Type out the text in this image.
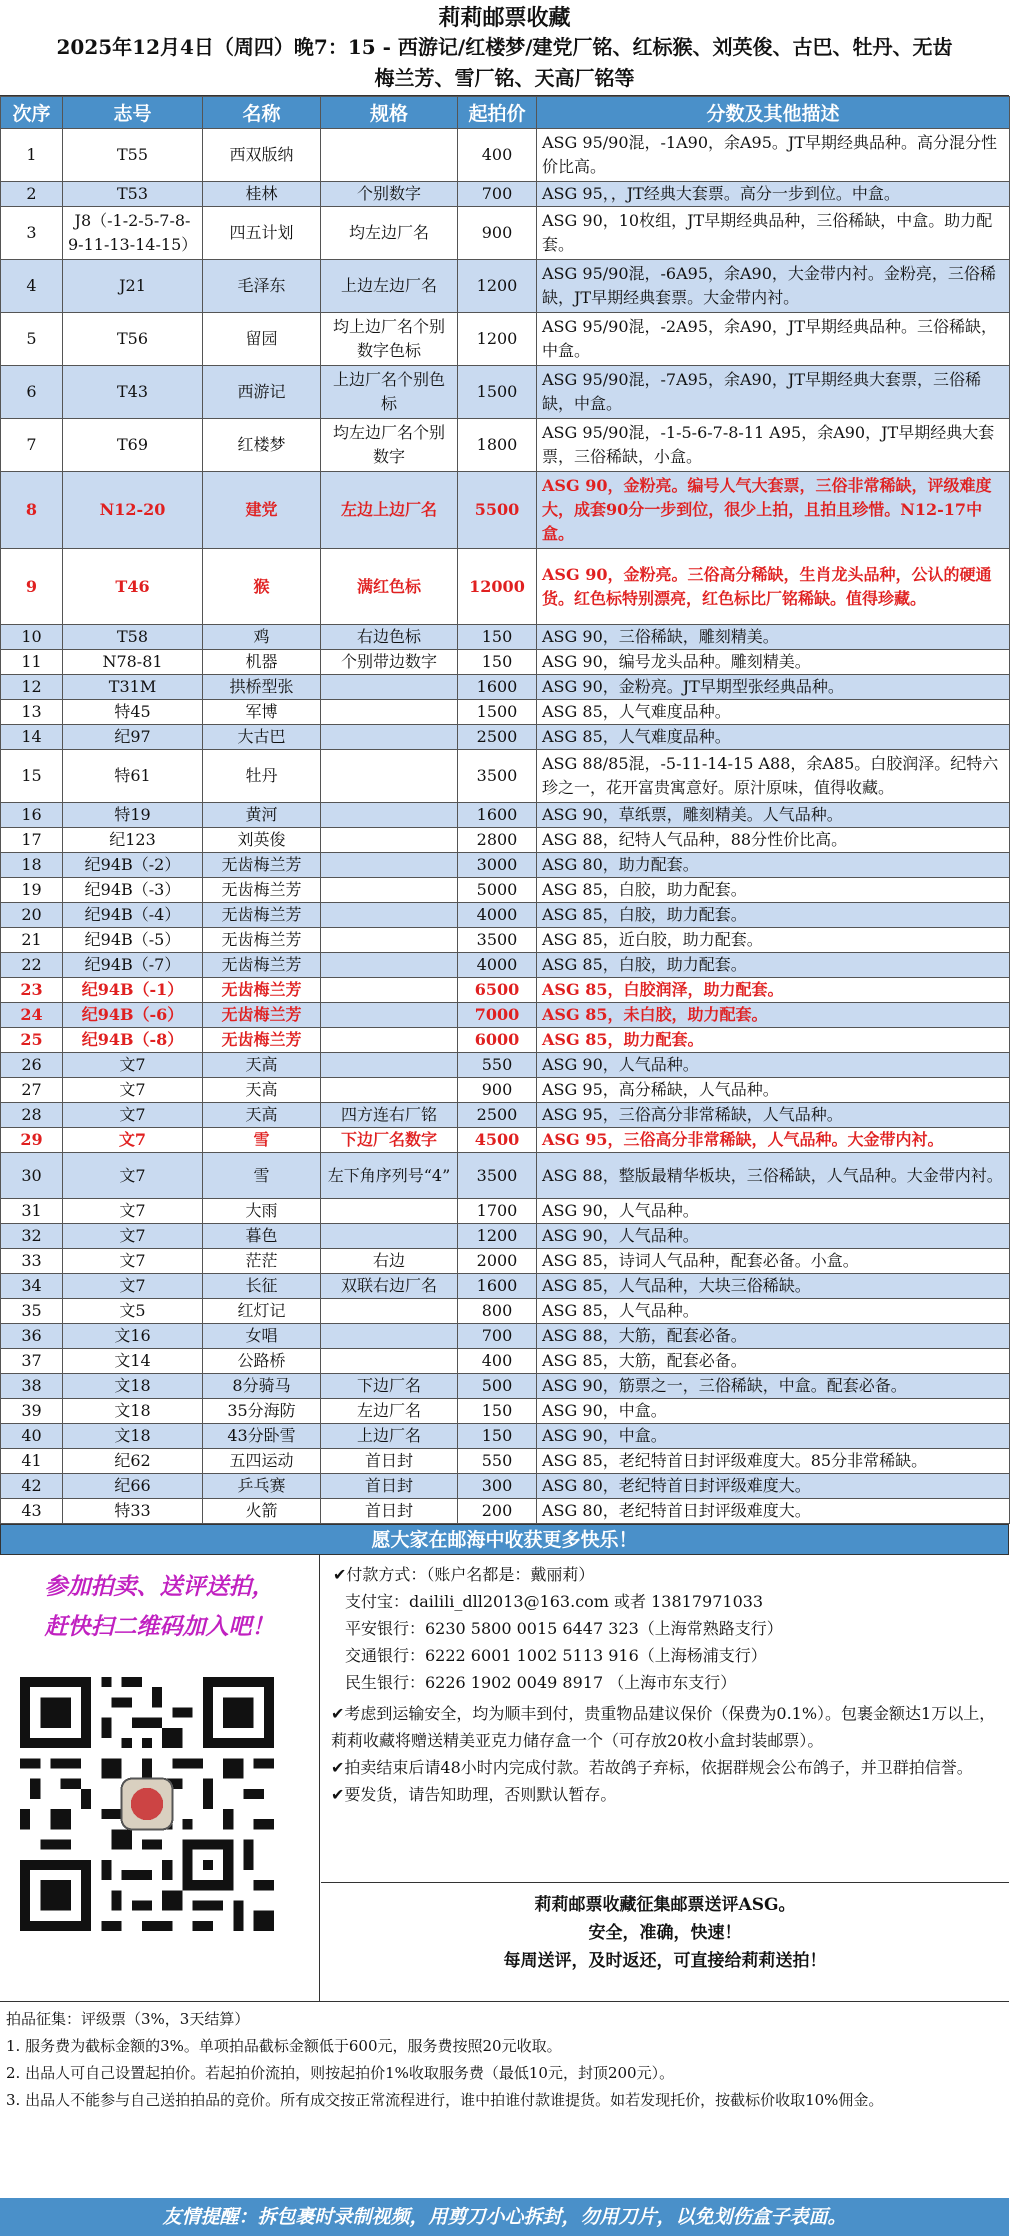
莉莉邮票收藏
2025年12月4日（周四）晚7：15 - 西游记/红楼梦/建党厂铭、红标猴、刘英俊、古巴、牡丹、无齿
梅兰芳、雪厂铭、天高厂铭等
次序	志号	名称	规格	起拍价	分数及其他描述
1	T55	西双版纳		400	ASG 95/90混，-1A90，余A95。JT早期经典品种。高分混分性价比高。
2	T53	桂林	个别数字	700	ASG 95，，JT经典大套票。高分一步到位。中盒。
3	J8（-1-2-5-7-8-9-11-13-14-15）	四五计划	均左边厂名	900	ASG 90，10枚组，JT早期经典品种，三俗稀缺，中盒。助力配套。
4	J21	毛泽东	上边左边厂名	1200	ASG 95/90混，-6A95，余A90，大金带内衬。金粉亮，三俗稀缺，JT早期经典套票。大金带内衬。
5	T56	留园	均上边厂名个别数字色标	1200	ASG 95/90混，-2A95，余A90，JT早期经典品种。三俗稀缺，中盒。
6	T43	西游记	上边厂名个别色标	1500	ASG 95/90混，-7A95，余A90，JT早期经典大套票，三俗稀缺，中盒。
7	T69	红楼梦	均左边厂名个别数字	1800	ASG 95/90混，-1-5-6-7-8-11 A95，余A90，JT早期经典大套票，三俗稀缺，小盒。
8	N12-20	建党	左边上边厂名	5500	ASG 90，金粉亮。编号人气大套票，三俗非常稀缺，评级难度大，成套90分一步到位，很少上拍，且拍且珍惜。N12-17中盒。
9	T46	猴	满红色标	12000	ASG 90，金粉亮。三俗高分稀缺，生肖龙头品种，公认的硬通货。红色标特别漂亮，红色标比厂铭稀缺。值得珍藏。
10	T58	鸡	右边色标	150	ASG 90，三俗稀缺，雕刻精美。
11	N78-81	机器	个别带边数字	150	ASG 90，编号龙头品种。雕刻精美。
12	T31M	拱桥型张		1600	ASG 90，金粉亮。JT早期型张经典品种。
13	特45	军博		1500	ASG 85，人气难度品种。
14	纪97	大古巴		2500	ASG 85，人气难度品种。
15	特61	牡丹		3500	ASG 88/85混，-5-11-14-15 A88，余A85。白胶润泽。纪特六珍之一，花开富贵寓意好。原汁原味，值得收藏。
16	特19	黄河		1600	ASG 90，草纸票，雕刻精美。人气品种。
17	纪123	刘英俊		2800	ASG 88，纪特人气品种，88分性价比高。
18	纪94B（-2）	无齿梅兰芳		3000	ASG 80，助力配套。
19	纪94B（-3）	无齿梅兰芳		5000	ASG 85，白胶，助力配套。
20	纪94B（-4）	无齿梅兰芳		4000	ASG 85，白胶，助力配套。
21	纪94B（-5）	无齿梅兰芳		3500	ASG 85，近白胶，助力配套。
22	纪94B（-7）	无齿梅兰芳		4000	ASG 85，白胶，助力配套。
23	纪94B（-1）	无齿梅兰芳		6500	ASG 85，白胶润泽，助力配套。
24	纪94B（-6）	无齿梅兰芳		7000	ASG 85，未白胶，助力配套。
25	纪94B（-8）	无齿梅兰芳		6000	ASG 85，助力配套。
26	文7	天高		550	ASG 90，人气品种。
27	文7	天高		900	ASG 95，高分稀缺，人气品种。
28	文7	天高	四方连右厂铭	2500	ASG 95，三俗高分非常稀缺，人气品种。
29	文7	雪	下边厂名数字	4500	ASG 95，三俗高分非常稀缺，人气品种。大金带内衬。
30	文7	雪	左下角序列号“4”	3500	ASG 88，整版最精华板块，三俗稀缺，人气品种。大金带内衬。
31	文7	大雨		1700	ASG 90，人气品种。
32	文7	暮色		1200	ASG 90，人气品种。
33	文7	茫茫	右边	2000	ASG 85，诗词人气品种，配套必备。小盒。
34	文7	长征	双联右边厂名	1600	ASG 85，人气品种，大块三俗稀缺。
35	文5	红灯记		800	ASG 85，人气品种。
36	文16	女唱		700	ASG 88，大筋，配套必备。
37	文14	公路桥		400	ASG 85，大筋，配套必备。
38	文18	8分骑马	下边厂名	500	ASG 90，筋票之一，三俗稀缺，中盒。配套必备。
39	文18	35分海防	左边厂名	150	ASG 90，中盒。
40	文18	43分卧雪	上边厂名	150	ASG 90，中盒。
41	纪62	五四运动	首日封	550	ASG 85，老纪特首日封评级难度大。85分非常稀缺。
42	纪66	乒乓赛	首日封	300	ASG 80，老纪特首日封评级难度大。
43	特33	火箭	首日封	200	ASG 80，老纪特首日封评级难度大。
愿大家在邮海中收获更多快乐！
参加拍卖、送评送拍，
赶快扫二维码加入吧！
✔付款方式：（账户名都是：戴丽莉）
支付宝：dailili_dll2013@163.com 或者 13817971033
平安银行：6230 5800 0015 6447 323（上海常熟路支行）
交通银行：6222 6001 1002 5113 916（上海杨浦支行）
民生银行：6226 1902 0049 8917 （上海市东支行）
✔考虑到运输安全，均为顺丰到付，贵重物品建议保价（保费为0.1%）。包裹金额达1万以上，莉莉收藏将赠送精美亚克力储存盒一个（可存放20枚小盒封装邮票）。
✔拍卖结束后请48小时内完成付款。若故鸽子弃标，依据群规会公布鸽子，并卫群拍信誉。
✔要发货，请告知助理，否则默认暂存。
莉莉邮票收藏征集邮票送评ASG。
安全，准确，快速！
每周送评，及时返还，可直接给莉莉送拍！
拍品征集：评级票（3%，3天结算）
1. 服务费为截标金额的3%。单项拍品截标金额低于600元，服务费按照20元收取。
2. 出品人可自己设置起拍价。若起拍价流拍，则按起拍价1%收取服务费（最低10元，封顶200元）。
3. 出品人不能参与自己送拍拍品的竞价。所有成交按正常流程进行，谁中拍谁付款谁提货。如若发现托价，按截标价收取10%佣金。
友情提醒：拆包裹时录制视频，用剪刀小心拆封，勿用刀片，以免划伤盒子表面。
